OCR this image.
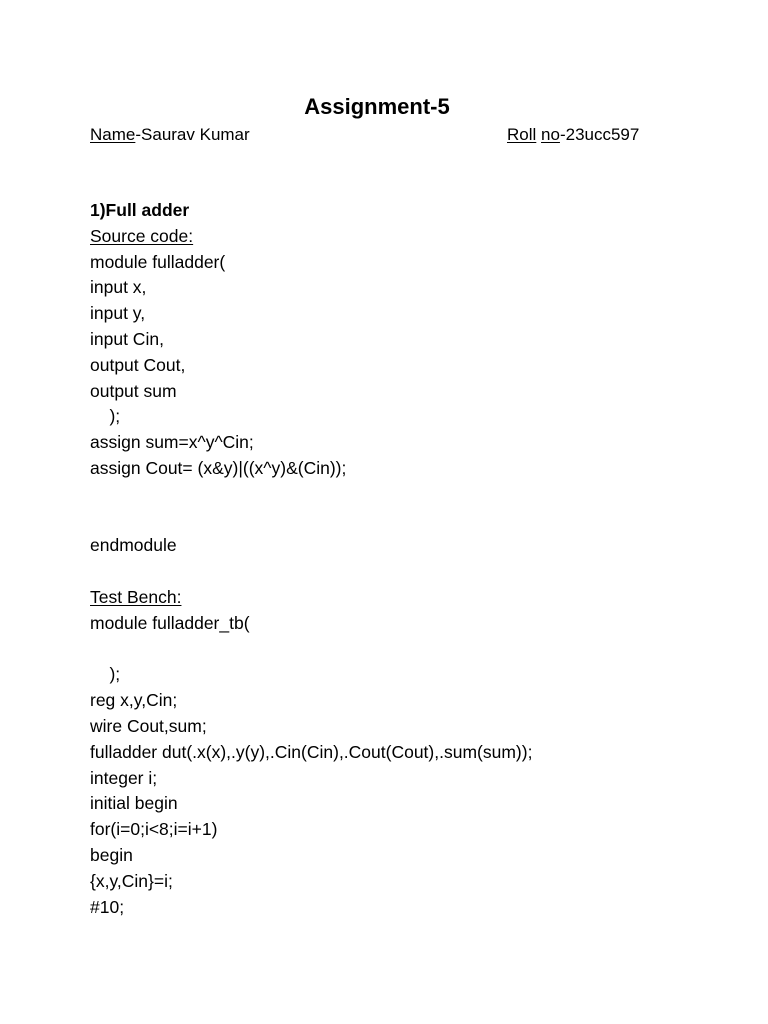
Assignment-5
Name-Saurav Kumar	Roll no-23ucc597
1)Full adder
Source code:
module fulladder(
input x,
input y,
input Cin,
output Cout,
output sum
);
assign sum=x^y^Cin;
assign Cout= (x&y)|((x^y)&(Cin));
endmodule
Test Bench:
module fulladder_tb(
);
reg x,y,Cin;
wire Cout,sum;
fulladder dut(.x(x),.y(y),.Cin(Cin),.Cout(Cout),.sum(sum));
integer i;
initial begin
for(i=0;i<8;i=i+1)
begin
{x,y,Cin}=i;
#10;
